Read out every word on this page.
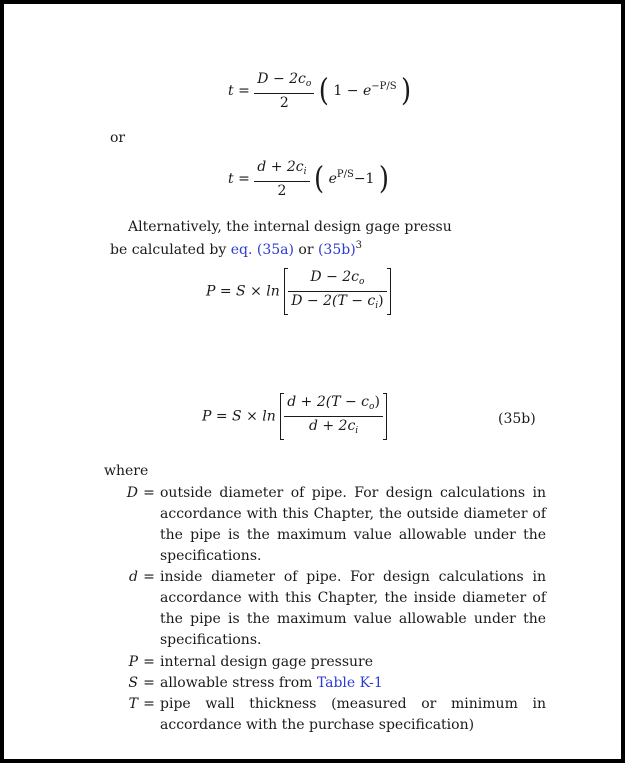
$t = \frac{D - 2c_o}{2}$ ( $1 - e^{-P/S}$ )
or
$t = \frac{d + 2c_i}{2}$ ( $e^{P/S}-1$ )
Alternatively, the internal design gage pressu
be calculated by eq. (35a) or $(35b)^3$
$P = S \times \ln \frac{D - 2c_o}{D - 2(T - c_i)}$
$P = S \times \ln \frac{d + 2(T - c_o)}{d + 2c_i}$	(35b)
where
D = outside diameter of pipe. For design calculations in accordance with this Chapter, the outside diameter of the pipe is the maximum value allowable under the specifications.
d = inside diameter of pipe. For design calculations in accordance with this Chapter, the inside diameter of the pipe is the maximum value allowable under the specifications.
P = internal design gage pressure
S = allowable stress from Table K-1
T = pipe wall thickness (measured or minimum in accordance with the purchase specification)
